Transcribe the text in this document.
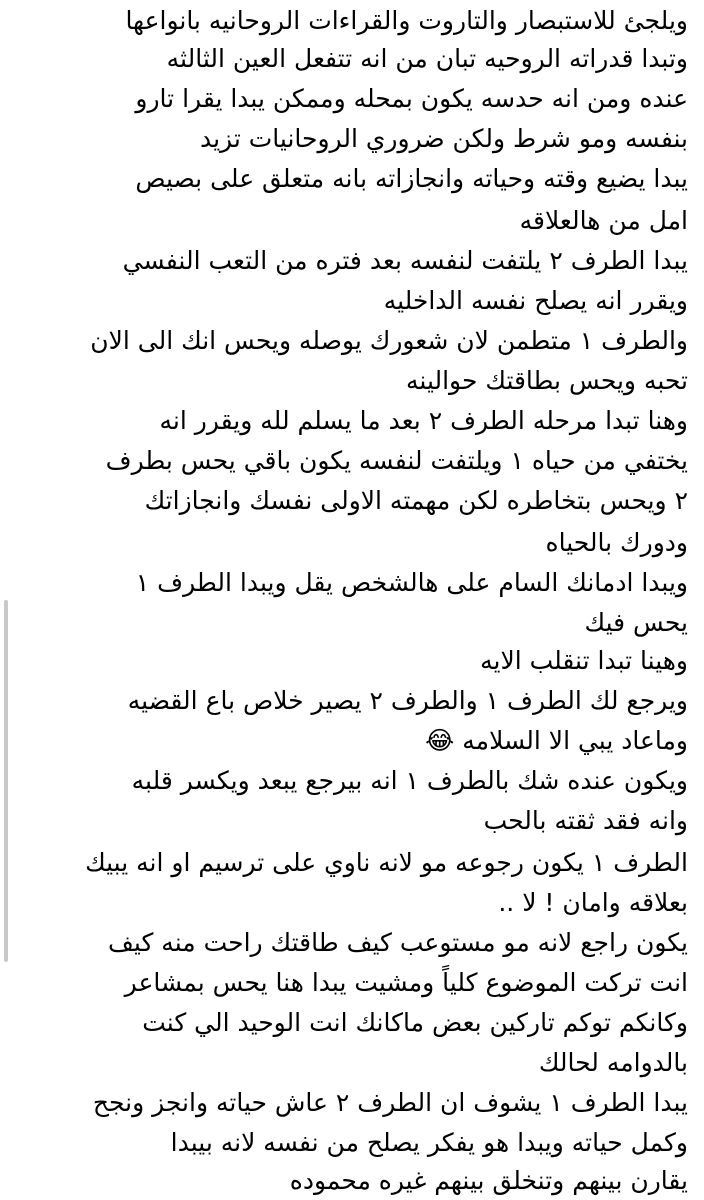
ويلجئ للاستبصار والتاروت والقراءات الروحانيه بانواعها

وتبدا قدراته الروحيه تبان من انه تتفعل العين الثالثه

عنده ومن انه حدسه يكون بمحله وممكن يبدا يقرا تارو

بنفسه ومو شرط ولكن ضروري الروحانيات تزيد

يبدا يضيع وقته وحياته وانجازاته بانه متعلق على بصيص

امل من هالعلاقه

يبدا الطرف ٢ يلتفت لنفسه بعد فتره من التعب النفسي

ويقرر انه يصلح نفسه الداخليه

والطرف ١ متطمن لان شعورك يوصله ويحس انك الى الان

تحبه ويحس بطاقتك حوالينه

وهنا تبدا مرحله الطرف ٢ بعد ما يسلم لله ويقرر انه

يختفي من حياه ١ ويلتفت لنفسه يكون باقي يحس بطرف

٢ ويحس بتخاطره لكن مهمته الاولى نفسك وانجازاتك

ودورك بالحياه

ويبدا ادمانك السام على هالشخص يقل ويبدا الطرف ١

يحس فيك

وهينا تبدا تنقلب الايه

ويرجع لك الطرف ١ والطرف ٢ يصير خلاص باع القضيه

وماعاد يبي الا السلامه 😂

ويكون عنده شك بالطرف ١ انه بيرجع يبعد ويكسر قلبه

وانه فقد ثقته بالحب

الطرف ١ يكون رجوعه مو لانه ناوي على ترسيم او انه يبيك

بعلاقه وامان ! لا ..

يكون راجع لانه مو مستوعب كيف طاقتك راحت منه كيف

انت تركت الموضوع كلياً ومشيت يبدا هنا يحس بمشاعر

وكانكم توكم تاركين بعض ماكانك انت الوحيد الي كنت

بالدوامه لحالك

يبدا الطرف ١ يشوف ان الطرف ٢ عاش حياته وانجز ونجح

وكمل حياته ويبدا هو يفكر يصلح من نفسه لانه بيبدا

يقارن بينهم وتنخلق بينهم غيره محموده
